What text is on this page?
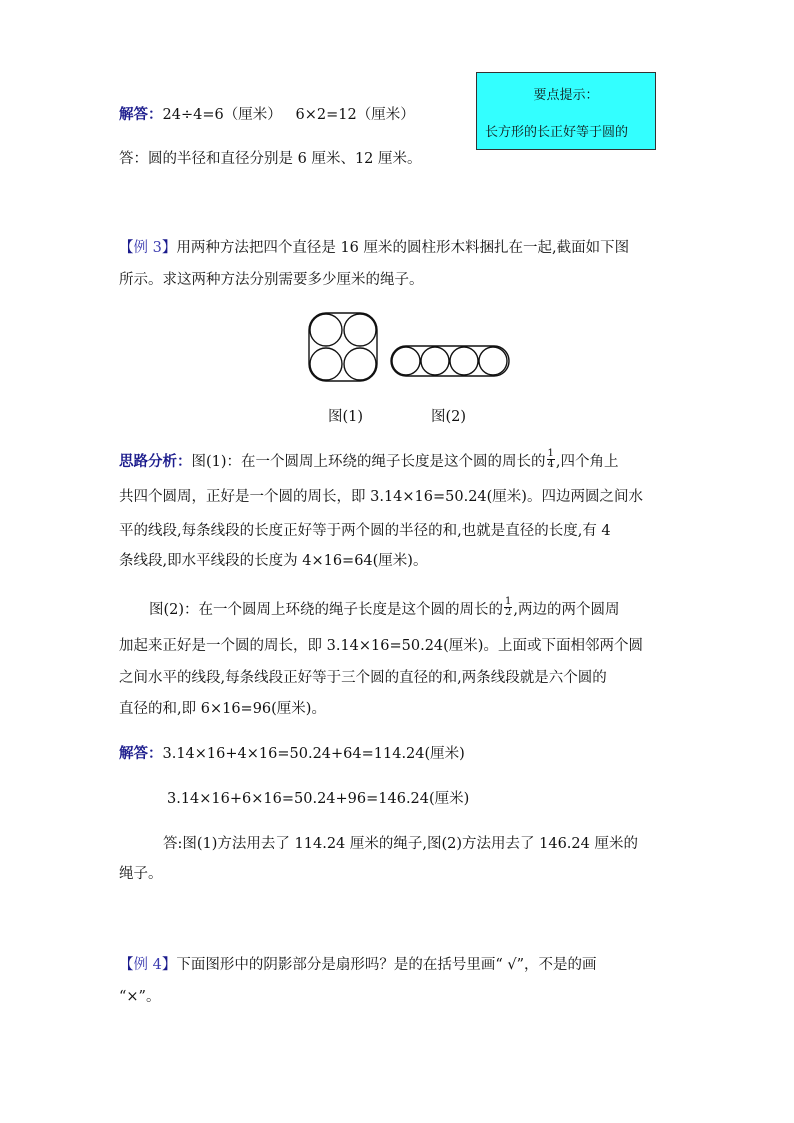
要点提示：
长方形的长正好等于圆的
解答：24÷4=6（厘米）   6×2=12（厘米）
答：圆的半径和直径分别是 6 厘米、12 厘米。
【例 3】用两种方法把四个直径是 16 厘米的圆柱形木料捆扎在一起,截面如下图
所示。求这两种方法分别需要多少厘米的绳子。
图(1)	图(2)
思路分析：图(1)：在一个圆周上环绕的绳子长度是这个圆的周长的 $\frac{1}{4}$ ,四个角上
共四个圆周，正好是一个圆的周长，即 3.14×16=50.24(厘米)。四边两圆之间水
平的线段,每条线段的长度正好等于两个圆的半径的和,也就是直径的长度,有 4
条线段,即水平线段的长度为 4×16=64(厘米)。
图(2)：在一个圆周上环绕的绳子长度是这个圆的周长的 $\frac{1}{2}$ ,两边的两个圆周
加起来正好是一个圆的周长，即 3.14×16=50.24(厘米)。上面或下面相邻两个圆
之间水平的线段,每条线段正好等于三个圆的直径的和,两条线段就是六个圆的
直径的和,即 6×16=96(厘米)。
解答：3.14×16+4×16=50.24+64=114.24(厘米)
3.14×16+6×16=50.24+96=146.24(厘米)
答:图(1)方法用去了 114.24 厘米的绳子,图(2)方法用去了 146.24 厘米的
绳子。
【例 4】下面图形中的阴影部分是扇形吗？是的在括号里画“ √”，不是的画
“×”。
